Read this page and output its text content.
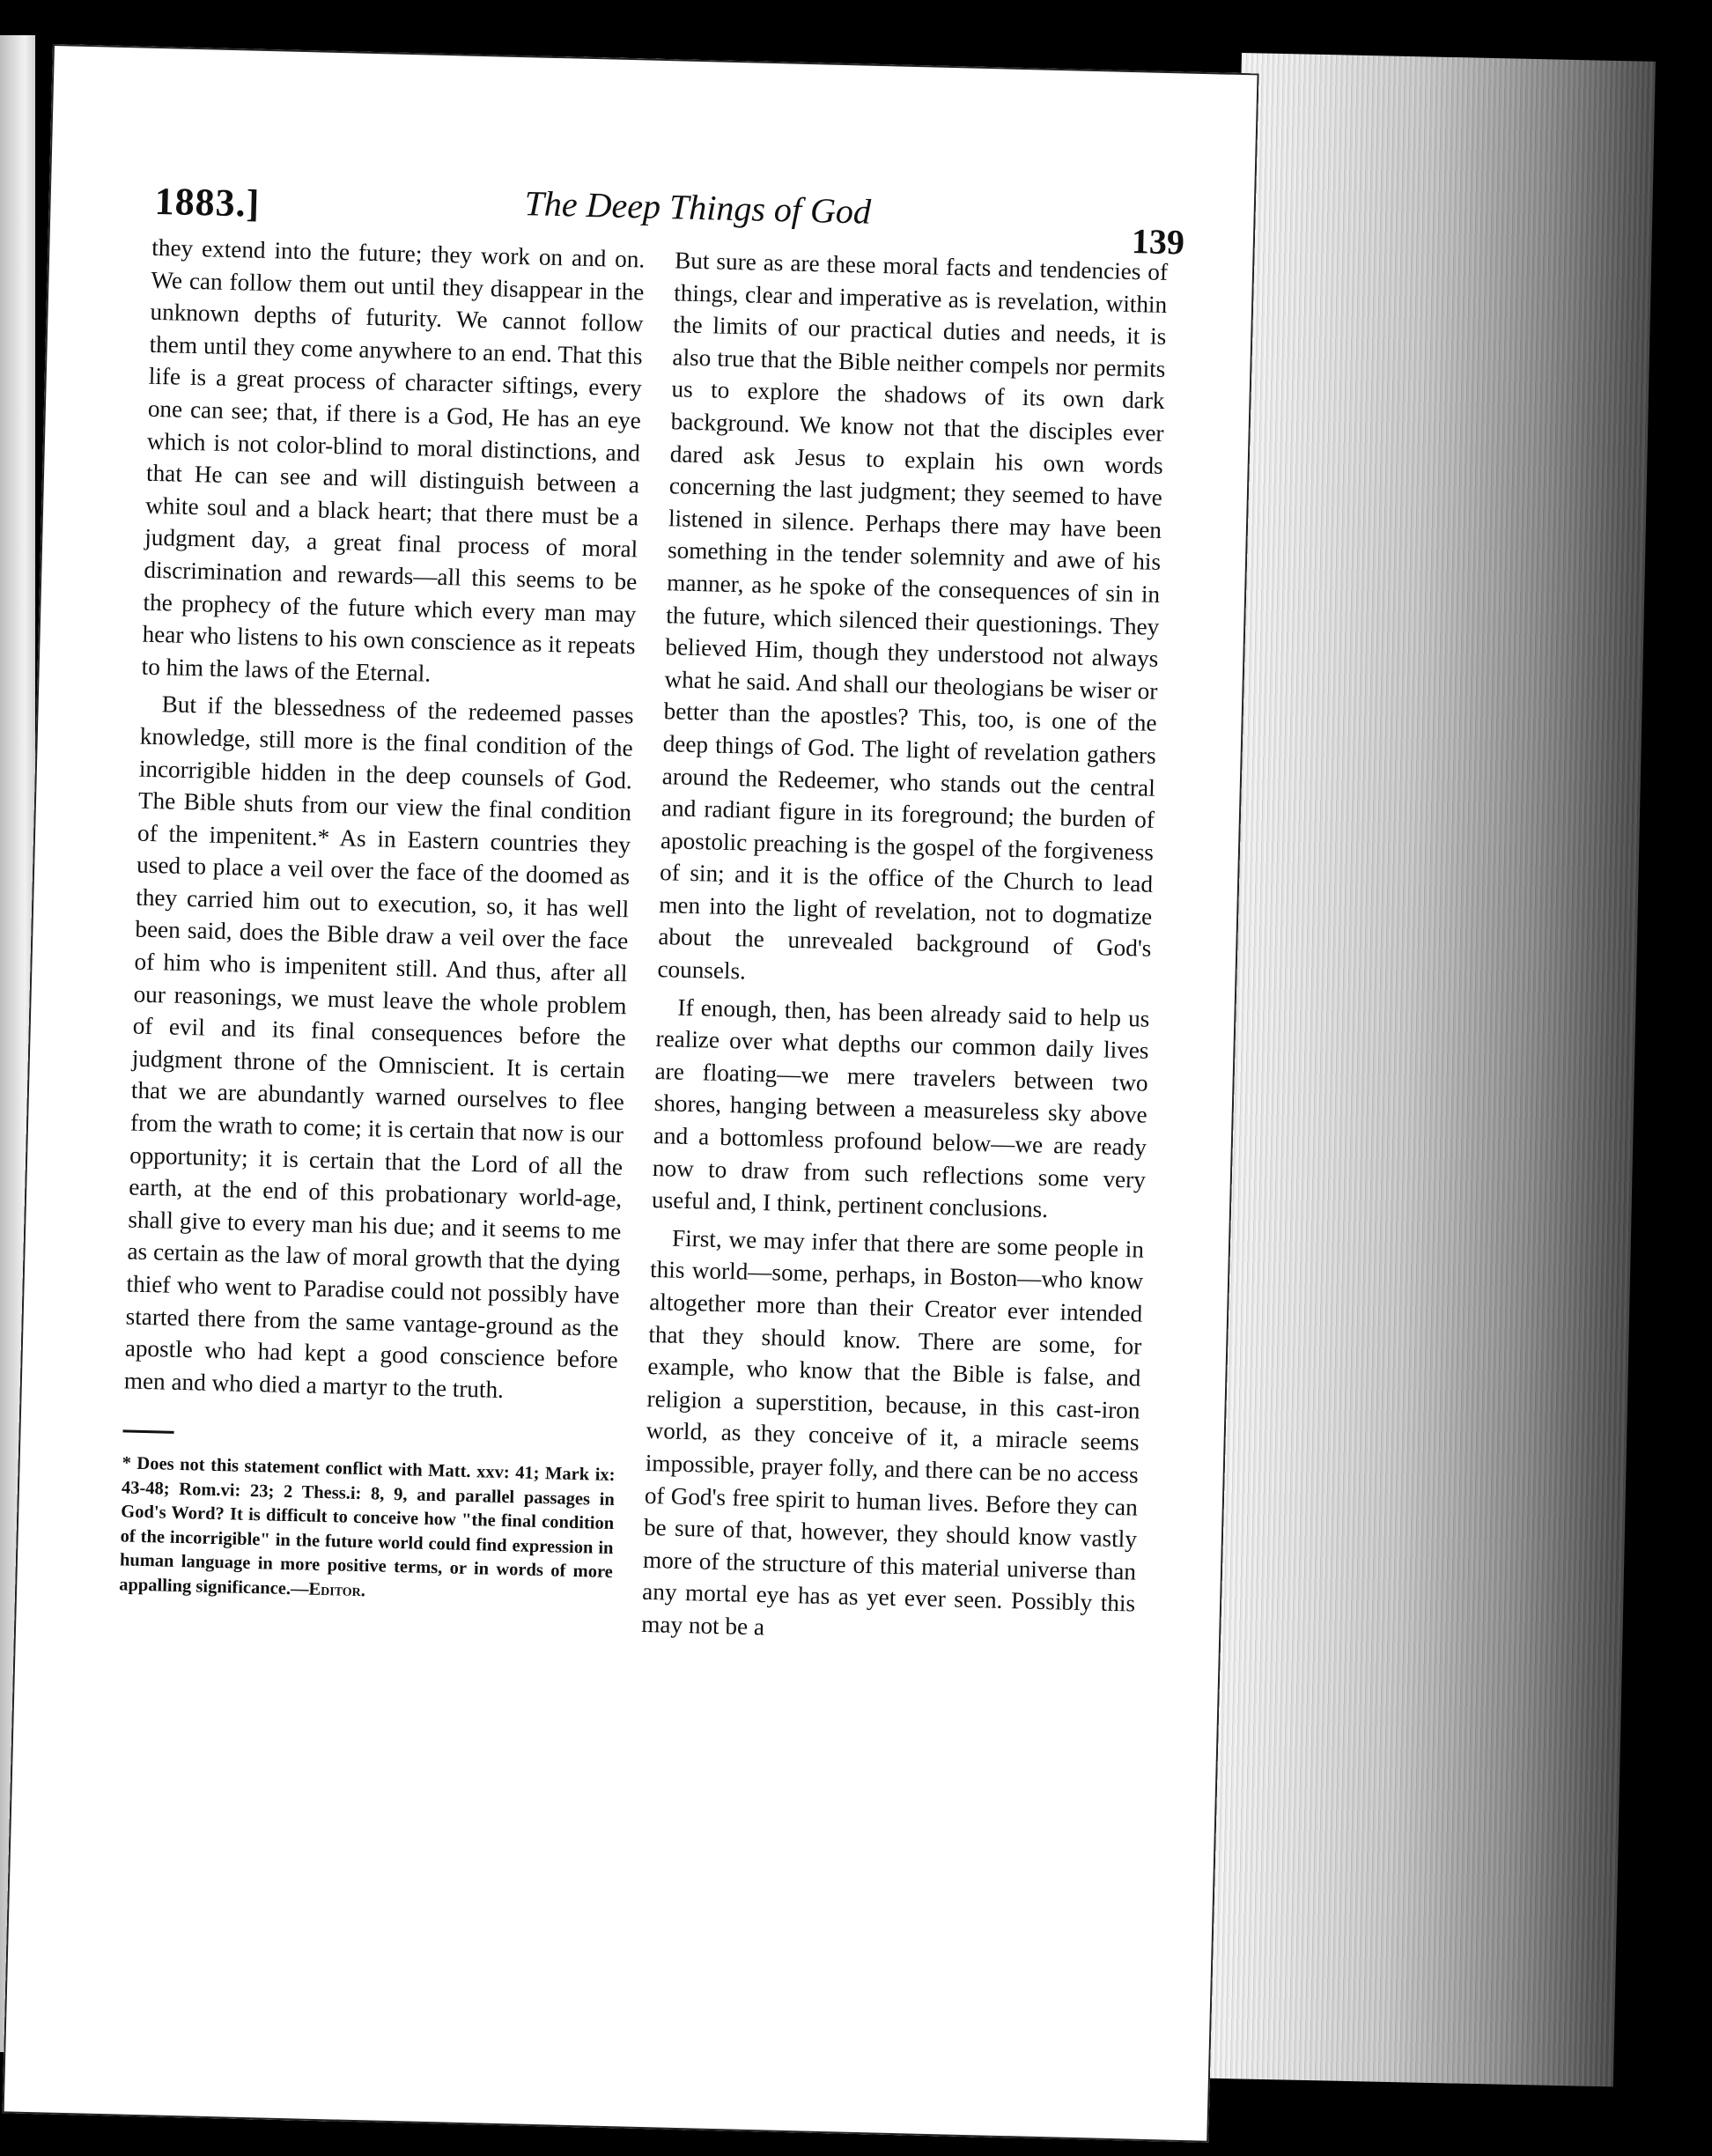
1883.]	The Deep Things of God
139

they extend into the future; they work on and on. We can follow them out until they disappear in the unknown depths of futurity. We cannot follow them until they come anywhere to an end. That this life is a great process of character siftings, every one can see; that, if there is a God, He has an eye which is not color-blind to moral distinctions, and that He can see and will distinguish between a white soul and a black heart; that there must be a judgment day, a great final process of moral discrimination and rewards—all this seems to be the prophecy of the future which every man may hear who listens to his own conscience as it repeats to him the laws of the Eternal.

But if the blessedness of the redeemed passes knowledge, still more is the final condition of the incorrigible hidden in the deep counsels of God. The Bible shuts from our view the final condition of the impenitent.* As in Eastern countries they used to place a veil over the face of the doomed as they carried him out to execution, so, it has well been said, does the Bible draw a veil over the face of him who is impenitent still. And thus, after all our reasonings, we must leave the whole problem of evil and its final consequences before the judgment throne of the Omniscient. It is certain that we are abundantly warned ourselves to flee from the wrath to come; it is certain that now is our opportunity; it is certain that the Lord of all the earth, at the end of this probationary world-age, shall give to every man his due; and it seems to me as certain as the law of moral growth that the dying thief who went to Paradise could not possibly have started there from the same vantage-ground as the apostle who had kept a good conscience before men and who died a martyr to the truth.

* Does not this statement conflict with Matt. xxv: 41; Mark ix: 43-48; Rom.vi: 23; 2 Thess.i: 8, 9, and parallel passages in God's Word? It is difficult to conceive how "the final condition of the incorrigible" in the future world could find expression in human language in more positive terms, or in words of more appalling significance.—Editor.

But sure as are these moral facts and tendencies of things, clear and imperative as is revelation, within the limits of our practical duties and needs, it is also true that the Bible neither compels nor permits us to explore the shadows of its own dark background. We know not that the disciples ever dared ask Jesus to explain his own words concerning the last judgment; they seemed to have listened in silence. Perhaps there may have been something in the tender solemnity and awe of his manner, as he spoke of the consequences of sin in the future, which silenced their questionings. They believed Him, though they understood not always what he said. And shall our theologians be wiser or better than the apostles? This, too, is one of the deep things of God. The light of revelation gathers around the Redeemer, who stands out the central and radiant figure in its foreground; the burden of apostolic preaching is the gospel of the forgiveness of sin; and it is the office of the Church to lead men into the light of revelation, not to dogmatize about the unrevealed background of God's counsels.

If enough, then, has been already said to help us realize over what depths our common daily lives are floating—we mere travelers between two shores, hanging between a measureless sky above and a bottomless profound below—we are ready now to draw from such reflections some very useful and, I think, pertinent conclusions.

First, we may infer that there are some people in this world—some, perhaps, in Boston—who know altogether more than their Creator ever intended that they should know. There are some, for example, who know that the Bible is false, and religion a superstition, because, in this cast-iron world, as they conceive of it, a miracle seems impossible, prayer folly, and there can be no access of God's free spirit to human lives. Before they can be sure of that, however, they should know vastly more of the structure of this material universe than any mortal eye has as yet ever seen. Possibly this may not be a
